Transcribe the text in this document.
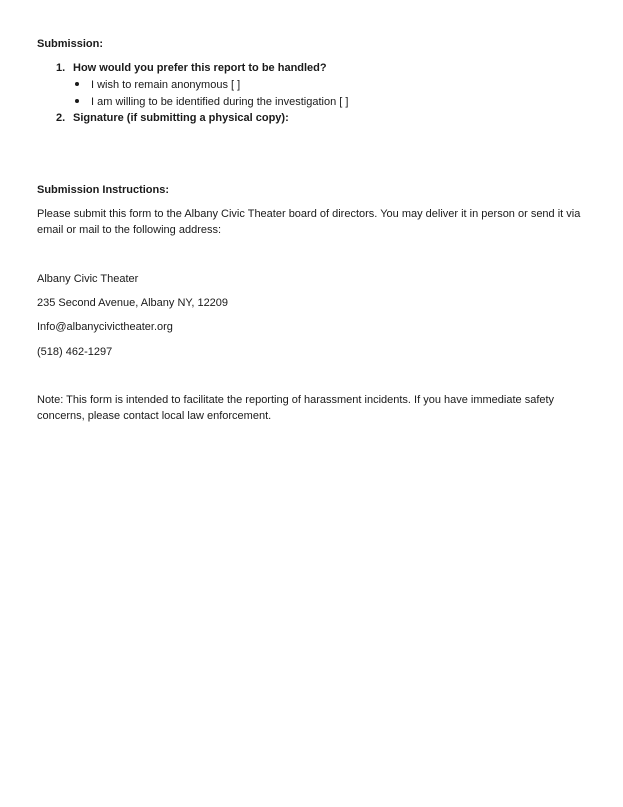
Submission:
1. How would you prefer this report to be handled?
I wish to remain anonymous [ ]
I am willing to be identified during the investigation [ ]
2. Signature (if submitting a physical copy):
Submission Instructions:
Please submit this form to the Albany Civic Theater board of directors. You may deliver it in person or send it via email or mail to the following address:
Albany Civic Theater
235 Second Avenue, Albany NY, 12209
Info@albanycivictheater.org
(518) 462-1297
Note: This form is intended to facilitate the reporting of harassment incidents. If you have immediate safety concerns, please contact local law enforcement.
